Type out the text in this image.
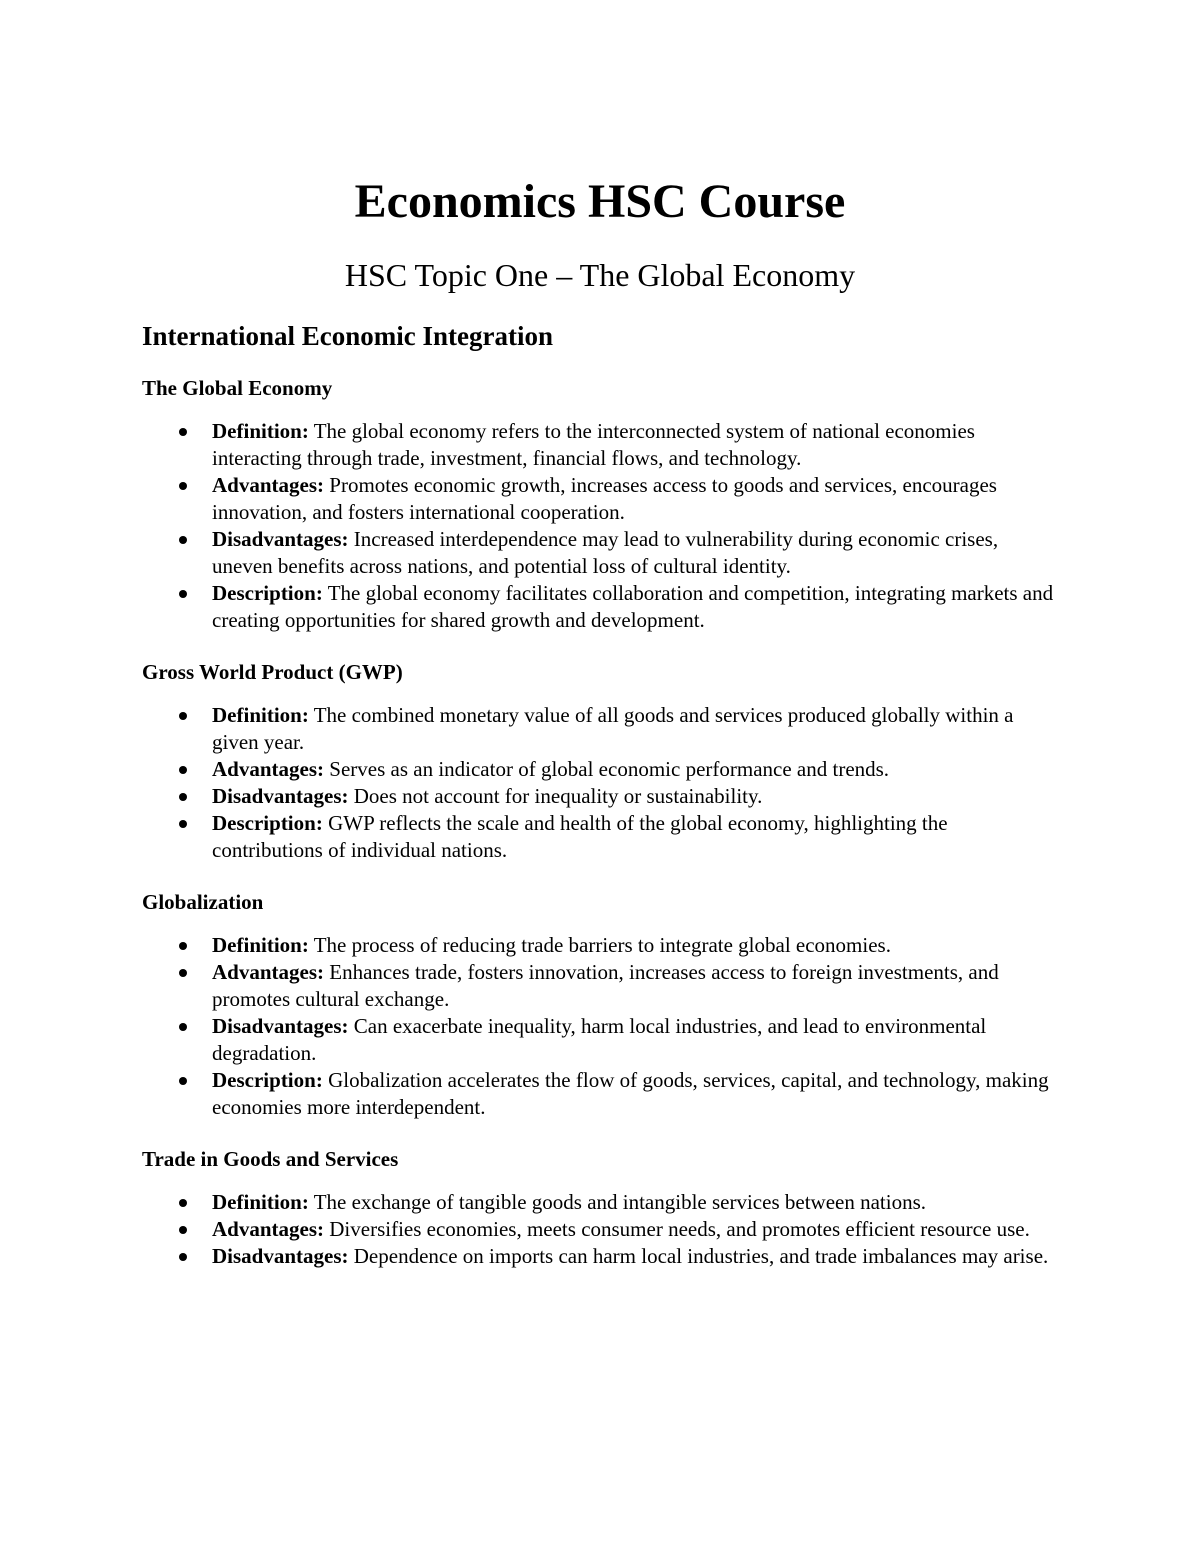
Economics HSC Course
HSC Topic One – The Global Economy
International Economic Integration
The Global Economy
Definition: The global economy refers to the interconnected system of national economies interacting through trade, investment, financial flows, and technology.
Advantages: Promotes economic growth, increases access to goods and services, encourages innovation, and fosters international cooperation.
Disadvantages: Increased interdependence may lead to vulnerability during economic crises, uneven benefits across nations, and potential loss of cultural identity.
Description: The global economy facilitates collaboration and competition, integrating markets and creating opportunities for shared growth and development.
Gross World Product (GWP)
Definition: The combined monetary value of all goods and services produced globally within a given year.
Advantages: Serves as an indicator of global economic performance and trends.
Disadvantages: Does not account for inequality or sustainability.
Description: GWP reflects the scale and health of the global economy, highlighting the contributions of individual nations.
Globalization
Definition: The process of reducing trade barriers to integrate global economies.
Advantages: Enhances trade, fosters innovation, increases access to foreign investments, and promotes cultural exchange.
Disadvantages: Can exacerbate inequality, harm local industries, and lead to environmental degradation.
Description: Globalization accelerates the flow of goods, services, capital, and technology, making economies more interdependent.
Trade in Goods and Services
Definition: The exchange of tangible goods and intangible services between nations.
Advantages: Diversifies economies, meets consumer needs, and promotes efficient resource use.
Disadvantages: Dependence on imports can harm local industries, and trade imbalances may arise.
